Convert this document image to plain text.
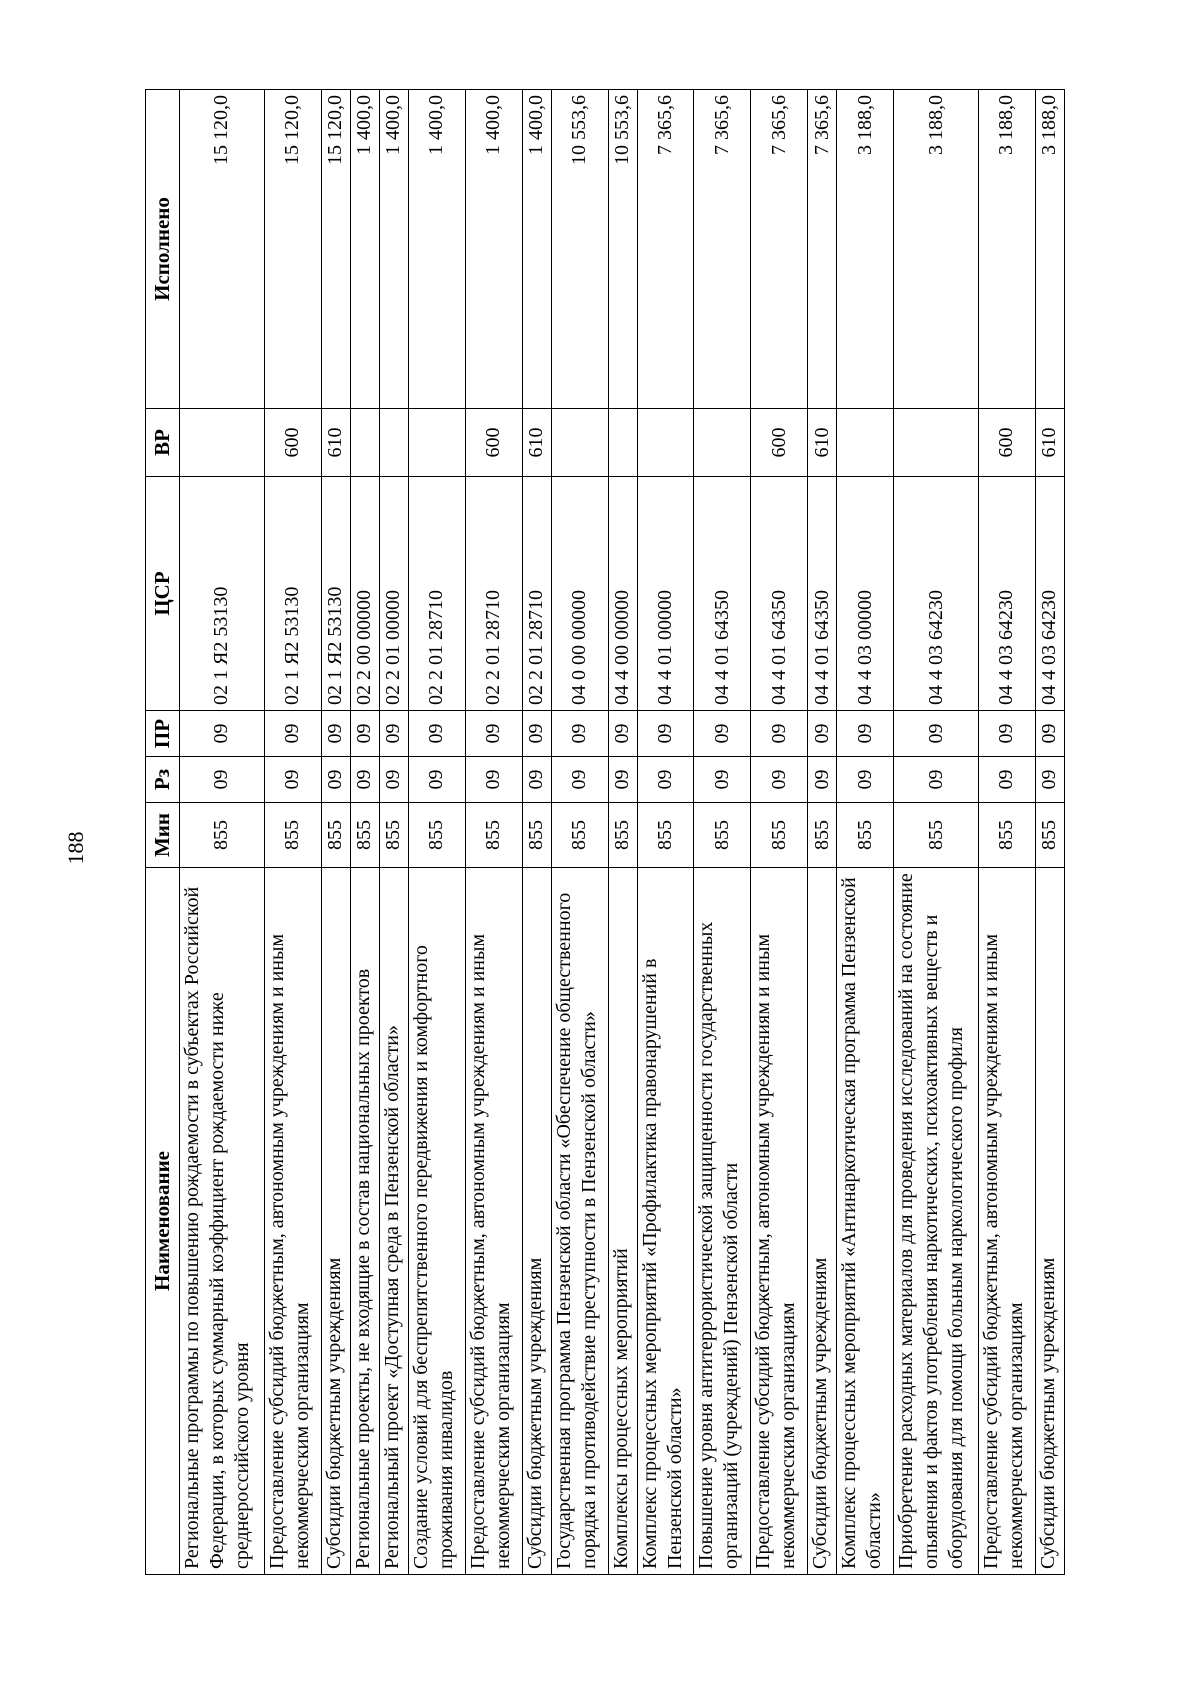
188
Наименование	Мин	Рз	ПР	ЦСР	ВР	Исполнено
Региональные программы по повышению рождаемости в субъектах Российской Федерации, в которых суммарный коэффициент рождаемости ниже среднероссийского уровня	855	09	09	02 1 Я2 53130		15 120,0
Предоставление субсидий бюджетным, автономным учреждениям и иным некоммерческим организациям	855	09	09	02 1 Я2 53130	600	15 120,0
Субсидии бюджетным учреждениям	855	09	09	02 1 Я2 53130	610	15 120,0
Региональные проекты, не входящие в состав национальных проектов	855	09	09	02 2 00 00000		1 400,0
Региональный проект «Доступная среда в Пензенской области»	855	09	09	02 2 01 00000		1 400,0
Создание условий для беспрепятственного передвижения и комфортного проживания инвалидов	855	09	09	02 2 01 28710		1 400,0
Предоставление субсидий бюджетным, автономным учреждениям и иным некоммерческим организациям	855	09	09	02 2 01 28710	600	1 400,0
Субсидии бюджетным учреждениям	855	09	09	02 2 01 28710	610	1 400,0
Государственная программа Пензенской области «Обеспечение общественного порядка и противодействие преступности в Пензенской области»	855	09	09	04 0 00 00000		10 553,6
Комплексы процессных мероприятий	855	09	09	04 4 00 00000		10 553,6
Комплекс процессных мероприятий «Профилактика правонарушений в Пензенской области»	855	09	09	04 4 01 00000		7 365,6
Повышение уровня антитеррористической защищенности государственных организаций (учреждений) Пензенской области	855	09	09	04 4 01 64350		7 365,6
Предоставление субсидий бюджетным, автономным учреждениям и иным некоммерческим организациям	855	09	09	04 4 01 64350	600	7 365,6
Субсидии бюджетным учреждениям	855	09	09	04 4 01 64350	610	7 365,6
Комплекс процессных мероприятий «Антинаркотическая программа Пензенской области»	855	09	09	04 4 03 00000		3 188,0
Приобретение расходных материалов для проведения исследований на состояние опьянения и фактов употребления наркотических, психоактивных веществ и оборудования для помощи больным наркологического профиля	855	09	09	04 4 03 64230		3 188,0
Предоставление субсидий бюджетным, автономным учреждениям и иным некоммерческим организациям	855	09	09	04 4 03 64230	600	3 188,0
Субсидии бюджетным учреждениям	855	09	09	04 4 03 64230	610	3 188,0
